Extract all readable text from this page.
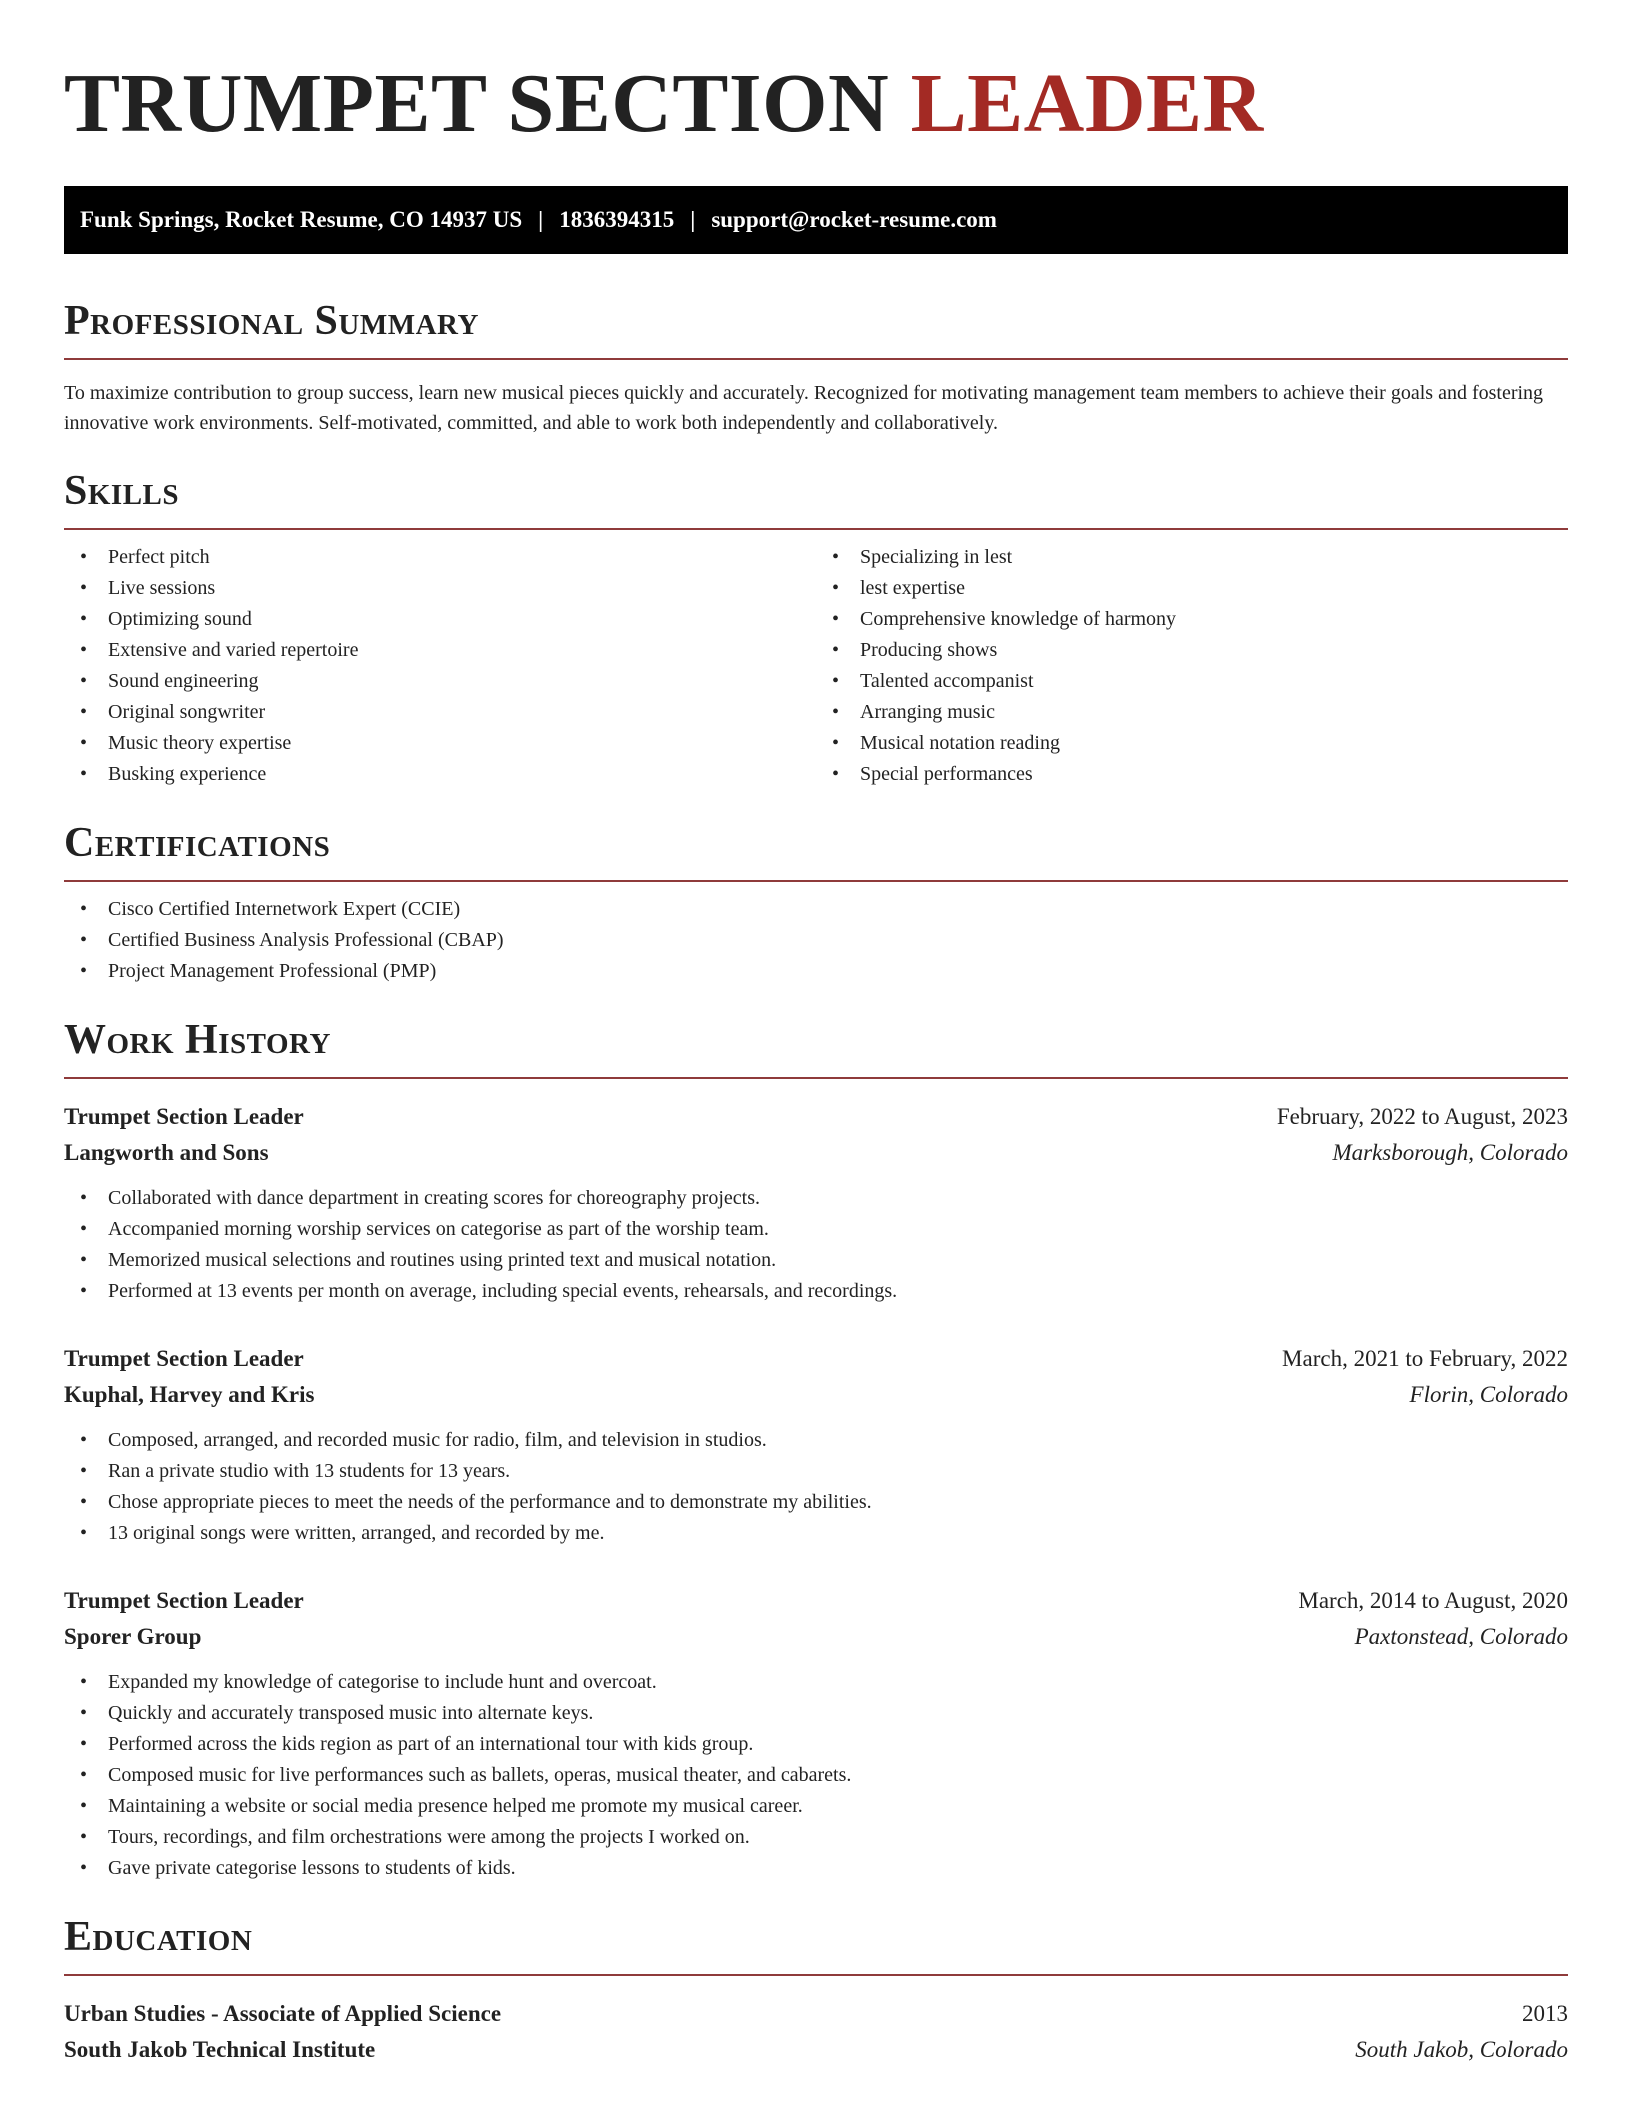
TRUMPET SECTION LEADER
Funk Springs, Rocket Resume, CO 14937 US | 1836394315 | support@rocket-resume.com
Professional Summary

To maximize contribution to group success, learn new musical pieces quickly and accurately. Recognized for motivating management team members to achieve their goals and fostering innovative work environments. Self-motivated, committed, and able to work both independently and collaboratively.

Skills
• Perfect pitch
• Live sessions
• Optimizing sound
• Extensive and varied repertoire
• Sound engineering
• Original songwriter
• Music theory expertise
• Busking experience
• Specializing in lest
• lest expertise
• Comprehensive knowledge of harmony
• Producing shows
• Talented accompanist
• Arranging music
• Musical notation reading
• Special performances
Certifications
• Cisco Certified Internetwork Expert (CCIE)
• Certified Business Analysis Professional (CBAP)
• Project Management Professional (PMP)
Work History
Trumpet Section Leader	February, 2022 to August, 2023
Langworth and Sons	Marksborough, Colorado
• Collaborated with dance department in creating scores for choreography projects.
• Accompanied morning worship services on categorise as part of the worship team.
• Memorized musical selections and routines using printed text and musical notation.
• Performed at 13 events per month on average, including special events, rehearsals, and recordings.
Trumpet Section Leader	March, 2021 to February, 2022
Kuphal, Harvey and Kris	Florin, Colorado
• Composed, arranged, and recorded music for radio, film, and television in studios.
• Ran a private studio with 13 students for 13 years.
• Chose appropriate pieces to meet the needs of the performance and to demonstrate my abilities.
• 13 original songs were written, arranged, and recorded by me.
Trumpet Section Leader	March, 2014 to August, 2020
Sporer Group	Paxtonstead, Colorado
• Expanded my knowledge of categorise to include hunt and overcoat.
• Quickly and accurately transposed music into alternate keys.
• Performed across the kids region as part of an international tour with kids group.
• Composed music for live performances such as ballets, operas, musical theater, and cabarets.
• Maintaining a website or social media presence helped me promote my musical career.
• Tours, recordings, and film orchestrations were among the projects I worked on.
• Gave private categorise lessons to students of kids.
Education
Urban Studies - Associate of Applied Science	2013
South Jakob Technical Institute	South Jakob, Colorado
